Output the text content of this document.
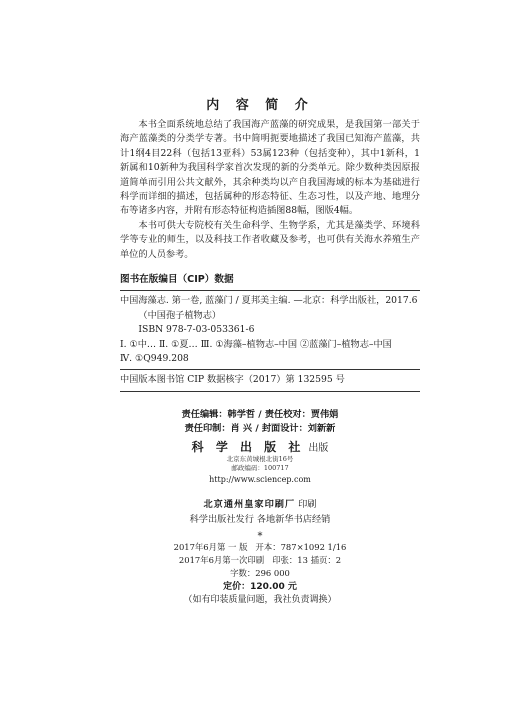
内 容 简 介

本书全面系统地总结了我国海产蓝藻的研究成果，是我国第一部关于海产蓝藻类的分类学专著。书中简明扼要地描述了我国已知海产蓝藻，共计1纲4目22科（包括13亚科）53属123种（包括变种），其中1新科，1新属和10新种为我国科学家首次发现的新的分类单元。除少数种类因原报道简单而引用公共文献外，其余种类均以产自我国海域的标本为基础进行科学而详细的描述，包括属种的形态特征、生态习性，以及产地、地理分布等诸多内容，并附有形态特征构造插图88幅，图版4幅。

本书可供大专院校有关生命科学、生物学系，尤其是藻类学、环境科学等专业的师生，以及科技工作者收藏及参考，也可供有关海水养殖生产单位的人员参考。

图书在版编目（CIP）数据
中国海藻志. 第一卷, 蓝藻门 / 夏邦美主编. —北京：科学出版社，2017.6
（中国孢子植物志）
ISBN 978-7-03-053361-6
Ⅰ. ①中… Ⅱ. ①夏… Ⅲ. ①海藻–植物志–中国 ②蓝藻门–植物志–中国
Ⅳ. ①Q949.208
中国版本图书馆 CIP 数据核字（2017）第 132595 号
责任编辑：韩学哲 / 责任校对：贾伟娟
责任印制：肖 兴 / 封面设计：刘新新
科 学 出 版 社 出版
北京东黄城根北街16号
邮政编码：100717
http://www.sciencep.com
北京通州皇家印刷厂 印刷
科学出版社发行 各地新华书店经销
*
2017年6月第 一 版 开本：787×1092 1/16
2017年6月第一次印刷 印张：13 插页：2
字数：296 000
定价：120.00 元
（如有印装质量问题，我社负责调换）
